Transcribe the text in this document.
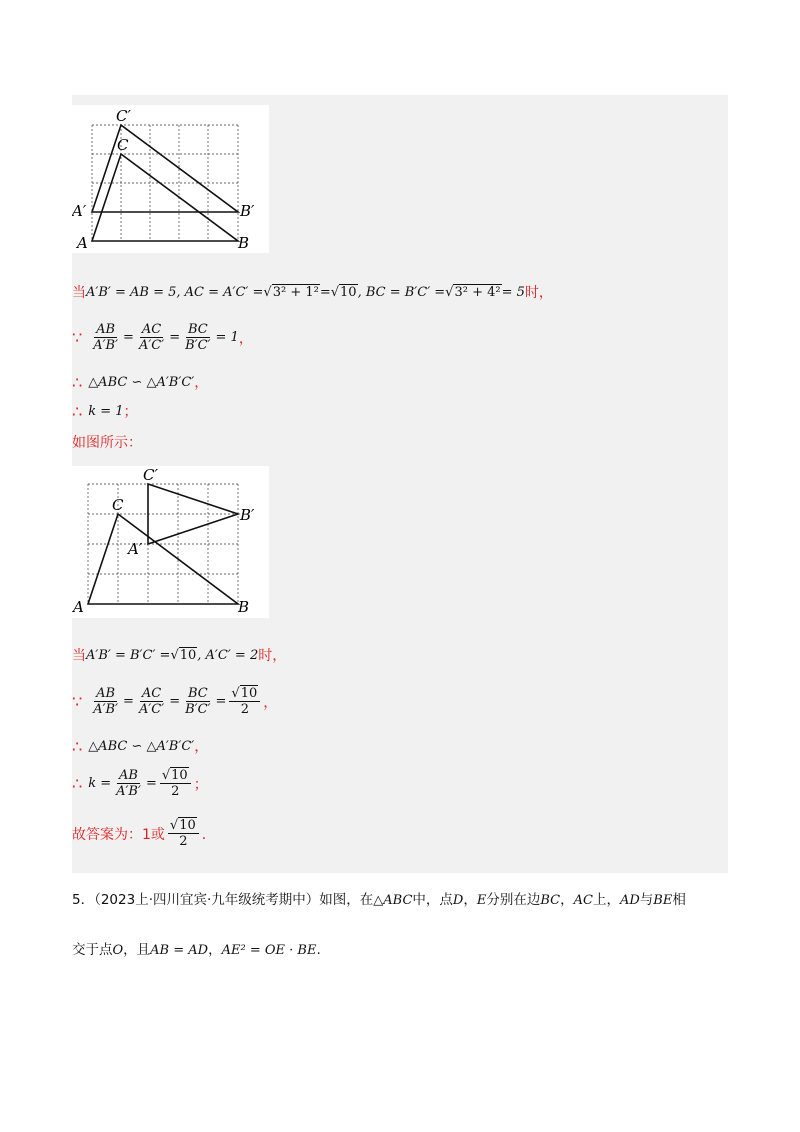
C′
C
A′	B′
A	B
当 A′B′ = AB = 5, AC = A′C′ = √3² + 1² = √10 , BC = B′C′ = √3² + 4² = 5 时，
∵ $\frac{AB}{A'B'} = \frac{AC}{A'C'} = \frac{BC}{B'C'} = 1$ ，
∴ △ABC ∽ △A′B′C′ ，
∴ k = 1 ；
如图所示：
C′
C
B′
A′
A	B
当 A′B′ = B′C′ = √10 , A′C′ = 2 时，
∵ $\frac{AB}{A'B'} = \frac{AC}{A'C'} = \frac{BC}{B'C'} = \frac{√10}{2}$ ，
∴ △ABC ∽ △A′B′C′ ，
∴ $k = \frac{AB}{A'B'} = \frac{√10}{2}$ ；
故答案为：1或 $\frac{√10}{2}$ ．
5．（2023上·四川宜宾·九年级统考期中）如图，在△ABC中，点D，E分别在边BC，AC上，AD与BE相
交于点O，且AB = AD，AE² = OE · BE.
